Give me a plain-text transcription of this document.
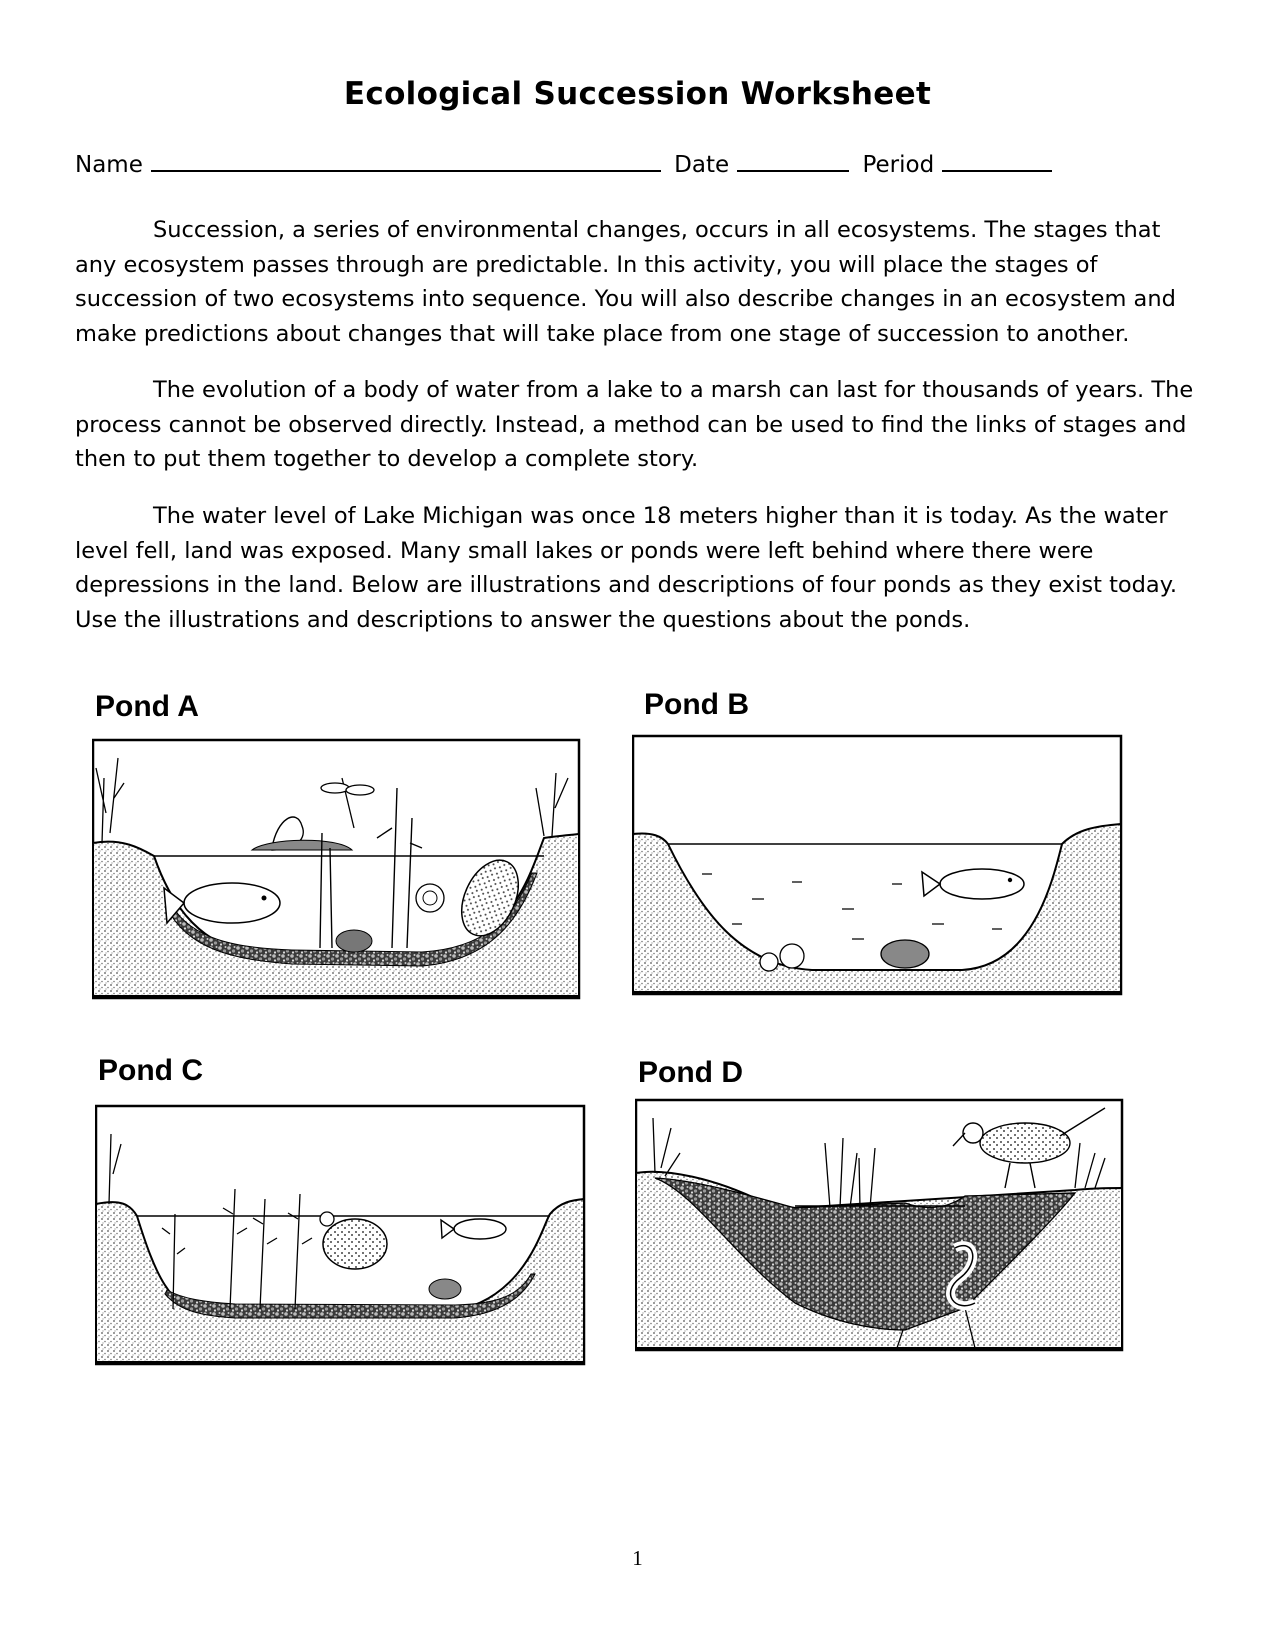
Ecological Succession Worksheet
Name	Date	Period

Succession, a series of environmental changes, occurs in all ecosystems. The stages that any ecosystem passes through are predictable. In this activity, you will place the stages of succession of two ecosystems into sequence. You will also describe changes in an ecosystem and make predictions about changes that will take place from one stage of succession to another.

The evolution of a body of water from a lake to a marsh can last for thousands of years. The process cannot be observed directly. Instead, a method can be used to find the links of stages and then to put them together to develop a complete story.

The water level of Lake Michigan was once 18 meters higher than it is today. As the water level fell, land was exposed. Many small lakes or ponds were left behind where there were depressions in the land. Below are illustrations and descriptions of four ponds as they exist today. Use the illustrations and descriptions to answer the questions about the ponds.

Pond A	Pond B
Pond C	Pond D
1
